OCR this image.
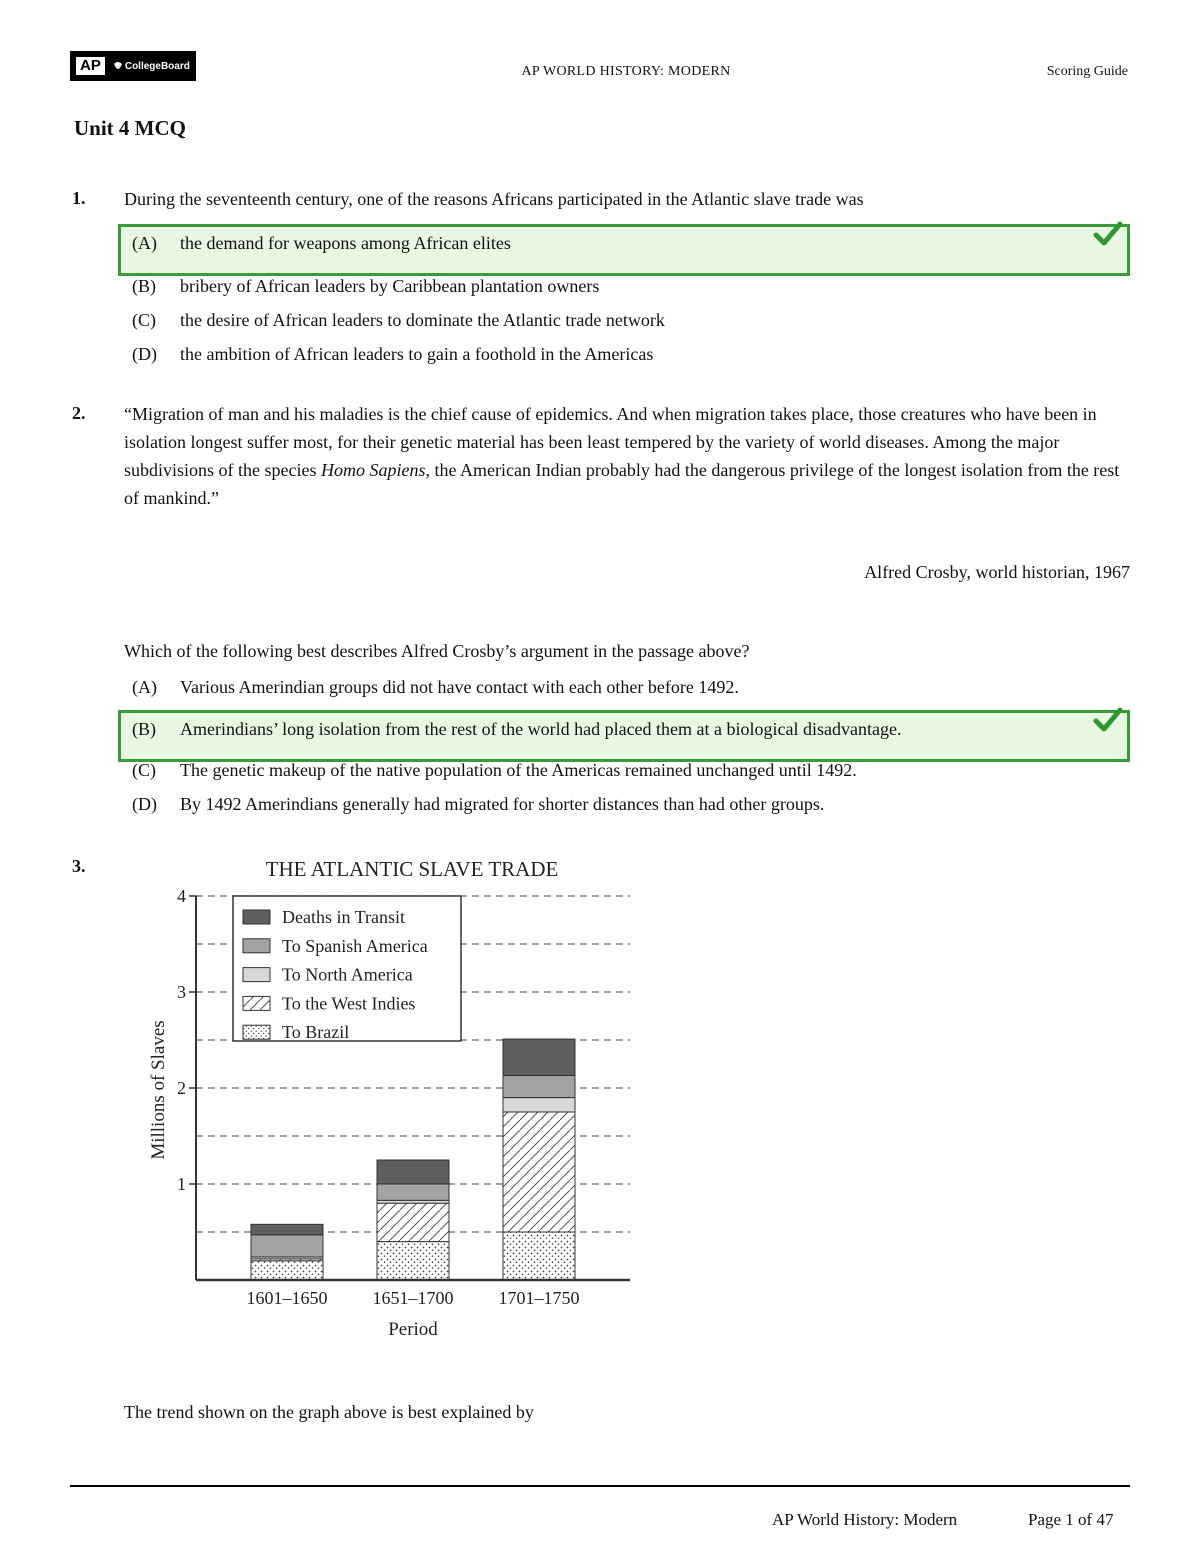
AP	CollegeBoard	AP WORLD HISTORY: MODERN	Scoring Guide
Unit 4 MCQ
1. During the seventeenth century, one of the reasons Africans participated in the Atlantic slave trade was
(A)	the demand for weapons among African elites
(B)	bribery of African leaders by Caribbean plantation owners
(C)	the desire of African leaders to dominate the Atlantic trade network
(D)	the ambition of African leaders to gain a foothold in the Americas
2. “Migration of man and his maladies is the chief cause of epidemics. And when migration takes place, those creatures who have been in isolation longest suffer most, for their genetic material has been least tempered by the variety of world diseases. Among the major subdivisions of the species Homo Sapiens, the American Indian probably had the dangerous privilege of the longest isolation from the rest of mankind.”
Alfred Crosby, world historian, 1967
Which of the following best describes Alfred Crosby’s argument in the passage above?
(A)	Various Amerindian groups did not have contact with each other before 1492.
(B)	Amerindians’ long isolation from the rest of the world had placed them at a biological disadvantage.
(C)	The genetic makeup of the native population of the Americas remained unchanged until 1492.
(D)	By 1492 Amerindians generally had migrated for shorter distances than had other groups.
3.	THE ATLANTIC SLAVE TRADE
1601–1650	1651–1700	1701–1750
1
2
3
4
Millions of Slaves
Period
Deaths in Transit
To Spanish America
To North America
To the West Indies
To Brazil
The trend shown on the graph above is best explained by
AP World History: Modern	Page 1 of 47
